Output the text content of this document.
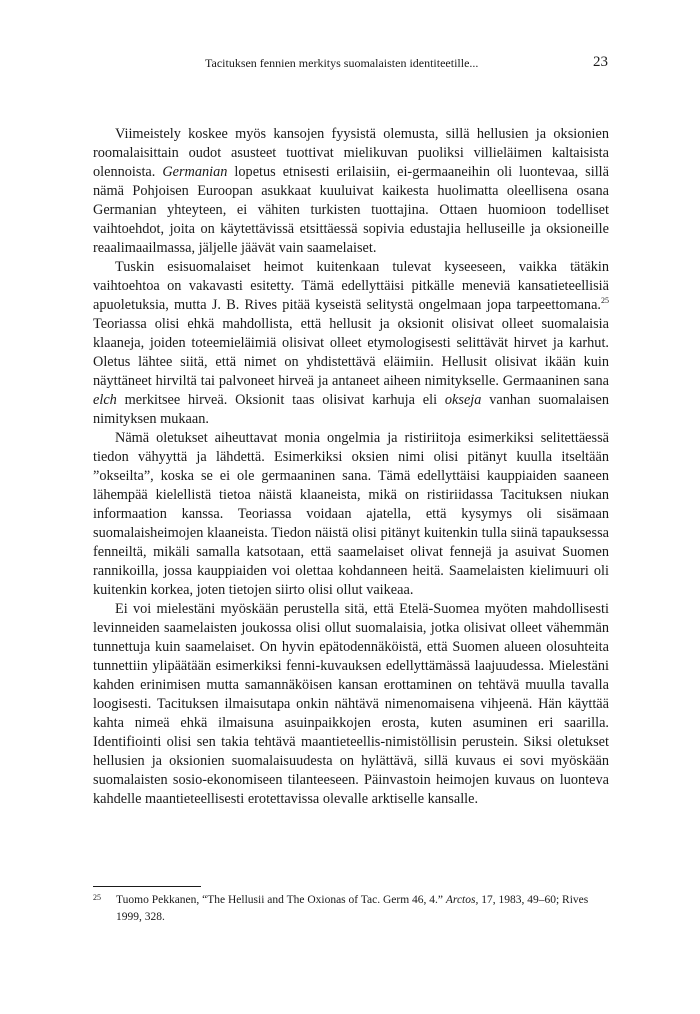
Tacituksen fennien merkitys suomalaisten identiteetille...	23

Viimeistely koskee myös kansojen fyysistä olemusta, sillä hellusien ja oksionien roomalaisittain oudot asusteet tuottivat mielikuvan puoliksi villieläimen kaltaisista olennoista. Germanian lopetus etnisesti erilaisiin, ei-germaaneihin oli luontevaa, sillä nämä Pohjoisen Euroopan asukkaat kuuluivat kaikesta huolimatta oleellisena osana Germanian yhteyteen, ei vähiten turkisten tuottajina. Ottaen huomioon todelliset vaihtoehdot, joita on käytettävissä etsittäessä sopivia edustajia helluseille ja oksioneille reaalimaailmassa, jäljelle jäävät vain saamelaiset.

Tuskin esisuomalaiset heimot kuitenkaan tulevat kyseeseen, vaikka tätäkin vaihtoehtoa on vakavasti esitetty. Tämä edellyttäisi pitkälle meneviä kansatieteellisiä apuoletuksia, mutta J. B. Rives pitää kyseistä selitystä ongelmaan jopa tarpeettomana.$^{25}$ Teoriassa olisi ehkä mahdollista, että hellusit ja oksionit olisivat olleet suomalaisia klaaneja, joiden toteemieläimiä olisivat olleet etymologisesti selittävät hirvet ja karhut. Oletus lähtee siitä, että nimet on yhdistettävä eläimiin. Hellusit olisivat ikään kuin näyttäneet hirviltä tai palvoneet hirveä ja antaneet aiheen nimitykselle. Germaaninen sana elch merkitsee hirveä. Oksionit taas olisivat karhuja eli okseja vanhan suomalaisen nimityksen mukaan.

Nämä oletukset aiheuttavat monia ongelmia ja ristiriitoja esimerkiksi selitettäessä tiedon vähyyttä ja lähdettä. Esimerkiksi oksien nimi olisi pitänyt kuulla itseltään ”okseilta”, koska se ei ole germaaninen sana. Tämä edellyttäisi kauppiaiden saaneen lähempää kielellistä tietoa näistä klaaneista, mikä on ristiriidassa Tacituksen niukan informaation kanssa. Teoriassa voidaan ajatella, että kysymys oli sisämaan suomalaisheimojen klaaneista. Tiedon näistä olisi pitänyt kuitenkin tulla siinä tapauksessa fenneiltä, mikäli samalla katsotaan, että saamelaiset olivat fennejä ja asuivat Suomen rannikoilla, jossa kauppiaiden voi olettaa kohdanneen heitä. Saamelaisten kielimuuri oli kuitenkin korkea, joten tietojen siirto olisi ollut vaikeaa.

Ei voi mielestäni myöskään perustella sitä, että Etelä-Suomea myöten mahdollisesti levinneiden saamelaisten joukossa olisi ollut suomalaisia, jotka olisivat olleet vähemmän tunnettuja kuin saamelaiset. On hyvin epätodennäköistä, että Suomen alueen olosuhteita tunnettiin ylipäätään esimerkiksi fenni-kuvauksen edellyttämässä laajuudessa. Mielestäni kahden erinimisen mutta samannäköisen kansan erottaminen on tehtävä muulla tavalla loogisesti. Tacituksen ilmaisutapa onkin nähtävä nimenomaisena vihjeenä. Hän käyttää kahta nimeä ehkä ilmaisuna asuinpaikkojen erosta, kuten asuminen eri saarilla. Identifiointi olisi sen takia tehtävä maantieteellis-nimistöllisin perustein. Siksi oletukset hellusien ja oksionien suomalaisuudesta on hylättävä, sillä kuvaus ei sovi myöskään suomalaisten sosio-ekonomiseen tilanteeseen. Päinvastoin heimojen kuvaus on luonteva kahdelle maantieteellisesti erotettavissa olevalle arktiselle kansalle.

25 Tuomo Pekkanen, “The Hellusii and The Oxionas of Tac. Germ 46, 4.” Arctos, 17, 1983, 49–60; Rives 1999, 328.
